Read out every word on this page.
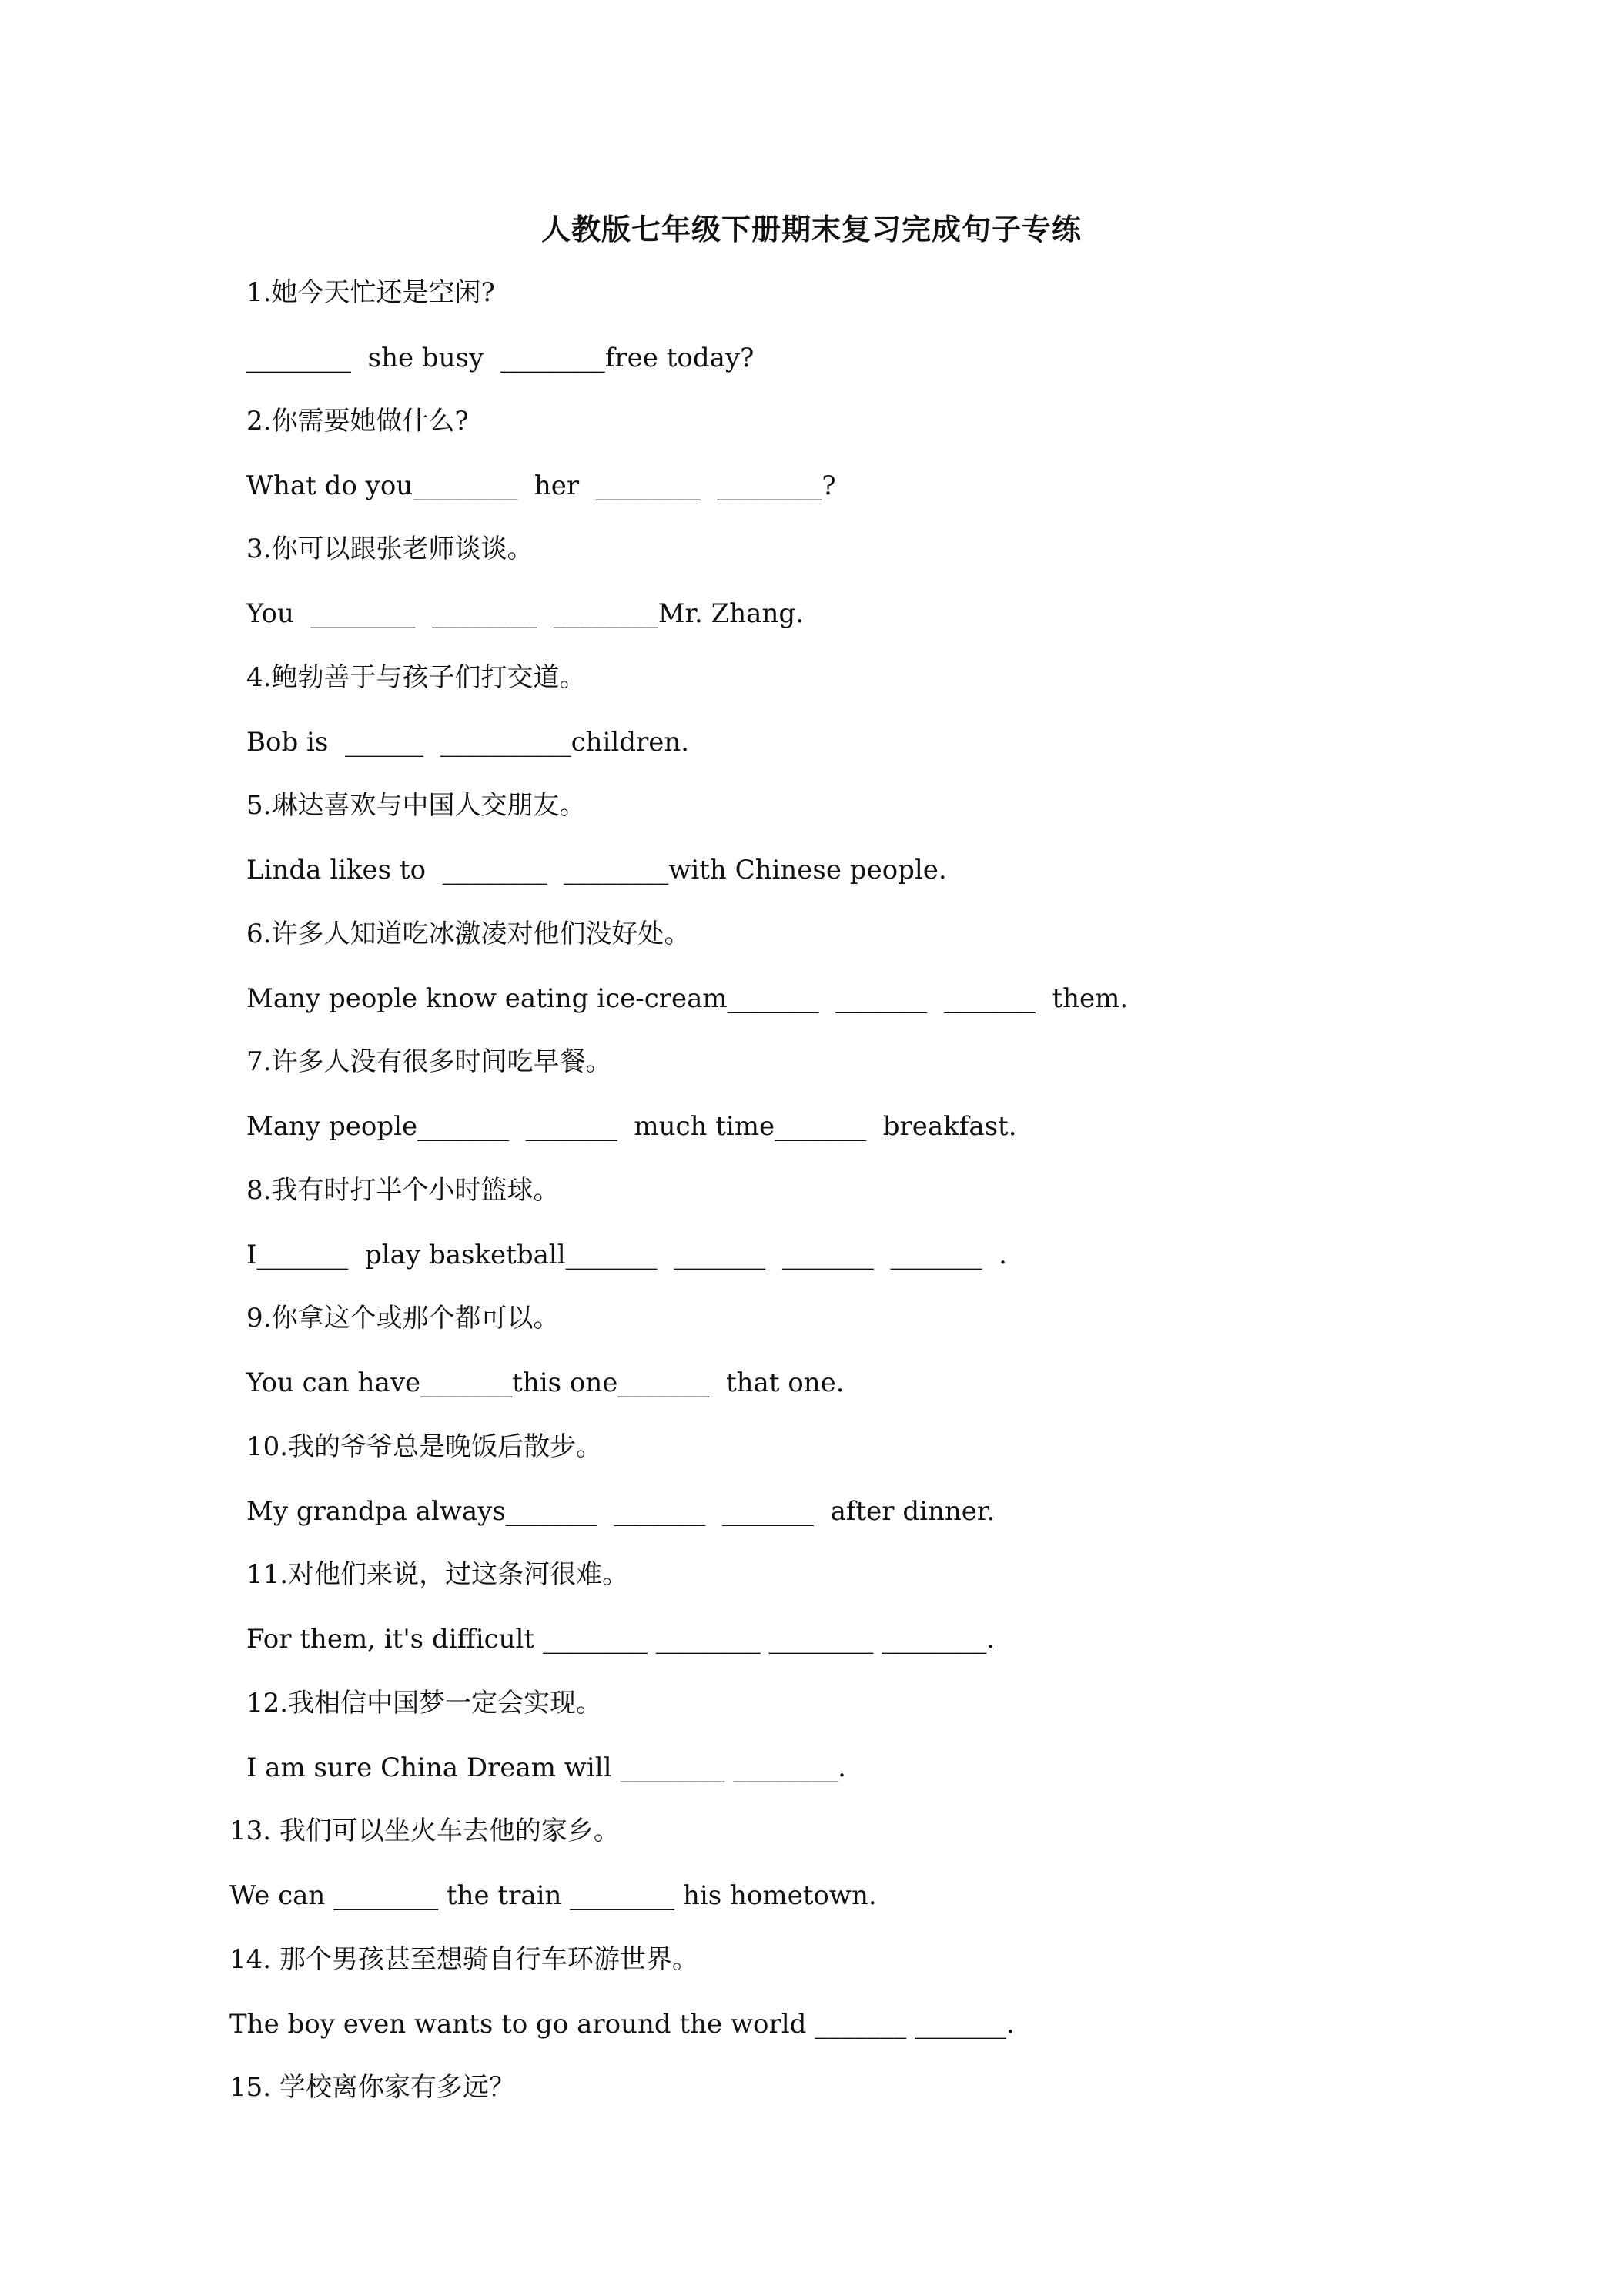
人教版七年级下册期末复习完成句子专练
1.她今天忙还是空闲?
________  she busy  ________free today?
2.你需要她做什么?
What do you________  her  ________  ________?
3.你可以跟张老师谈谈。
You  ________  ________  ________Mr. Zhang.
4.鲍勃善于与孩子们打交道。
Bob is  ______  __________children.
5.琳达喜欢与中国人交朋友。
Linda likes to  ________  ________with Chinese people.
6.许多人知道吃冰激凌对他们没好处。
Many people know eating ice-cream_______  _______  _______  them.
7.许多人没有很多时间吃早餐。
Many people_______  _______  much time_______  breakfast.
8.我有时打半个小时篮球。
I_______  play basketball_______  _______  _______  _______  .
9.你拿这个或那个都可以。
You can have_______this one_______  that one.
10.我的爷爷总是晚饭后散步。
My grandpa always_______  _______  _______  after dinner.
11.对他们来说，过这条河很难。
For them, it's difficult ________ ________ ________ ________.
12.我相信中国梦一定会实现。
I am sure China Dream will ________ ________.
13. 我们可以坐火车去他的家乡。
We can ________ the train ________ his hometown.
14. 那个男孩甚至想骑自行车环游世界。
The boy even wants to go around the world _______ _______.
15. 学校离你家有多远？
